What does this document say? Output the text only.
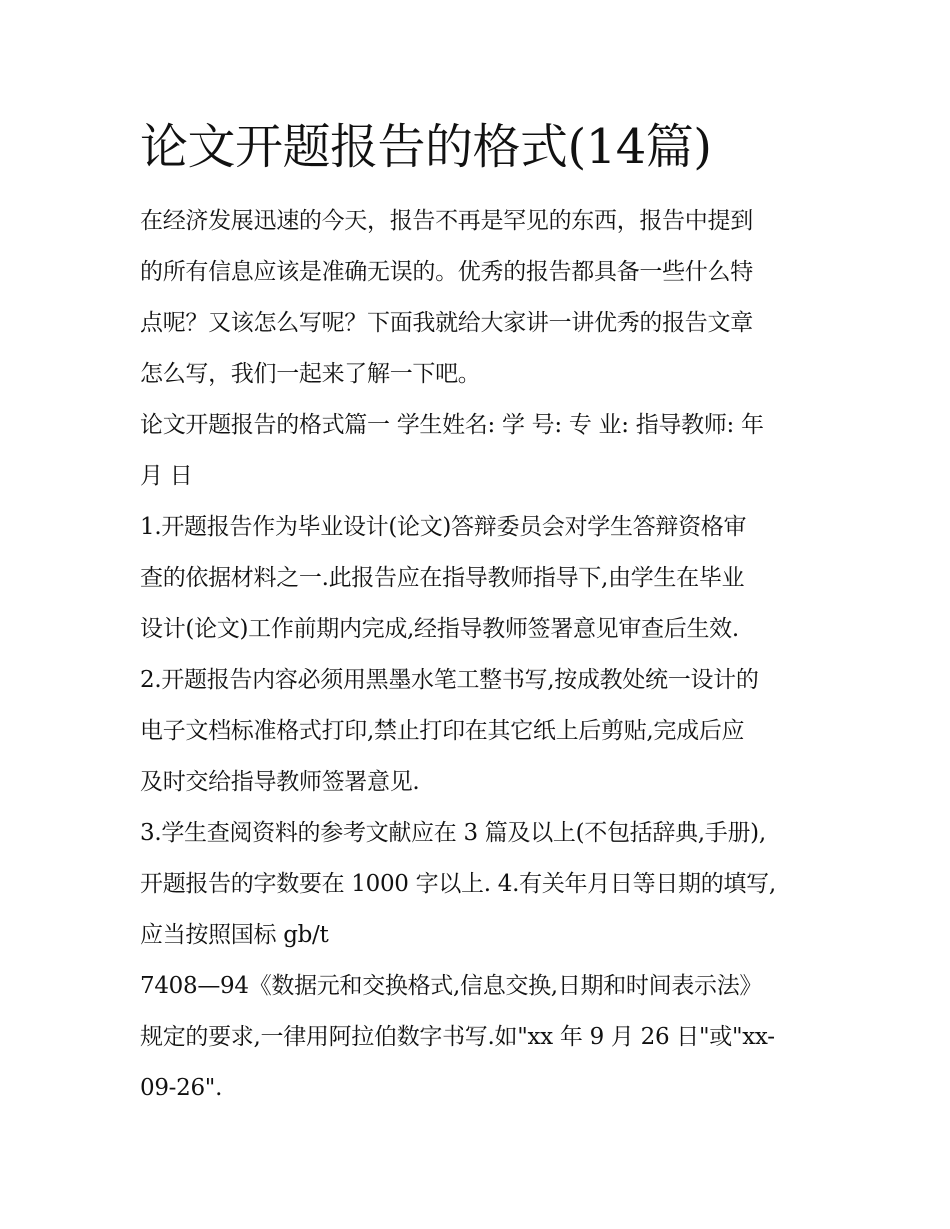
论文开题报告的格式(14篇)
在经济发展迅速的今天，报告不再是罕见的东西，报告中提到
的所有信息应该是准确无误的。优秀的报告都具备一些什么特
点呢？又该怎么写呢？下面我就给大家讲一讲优秀的报告文章
怎么写，我们一起来了解一下吧。
论文开题报告的格式篇一 学生姓名: 学 号: 专 业: 指导教师: 年
月 日
1.开题报告作为毕业设计(论文)答辩委员会对学生答辩资格审
查的依据材料之一.此报告应在指导教师指导下,由学生在毕业
设计(论文)工作前期内完成,经指导教师签署意见审查后生效.
2.开题报告内容必须用黑墨水笔工整书写,按成教处统一设计的
电子文档标准格式打印,禁止打印在其它纸上后剪贴,完成后应
及时交给指导教师签署意见.
3.学生查阅资料的参考文献应在 3 篇及以上(不包括辞典,手册),
开题报告的字数要在 1000 字以上. 4.有关年月日等日期的填写,
应当按照国标 gb/t
7408—94《数据元和交换格式,信息交换,日期和时间表示法》
规定的要求,一律用阿拉伯数字书写.如"xx 年 9 月 26 日"或"xx-
09-26".
